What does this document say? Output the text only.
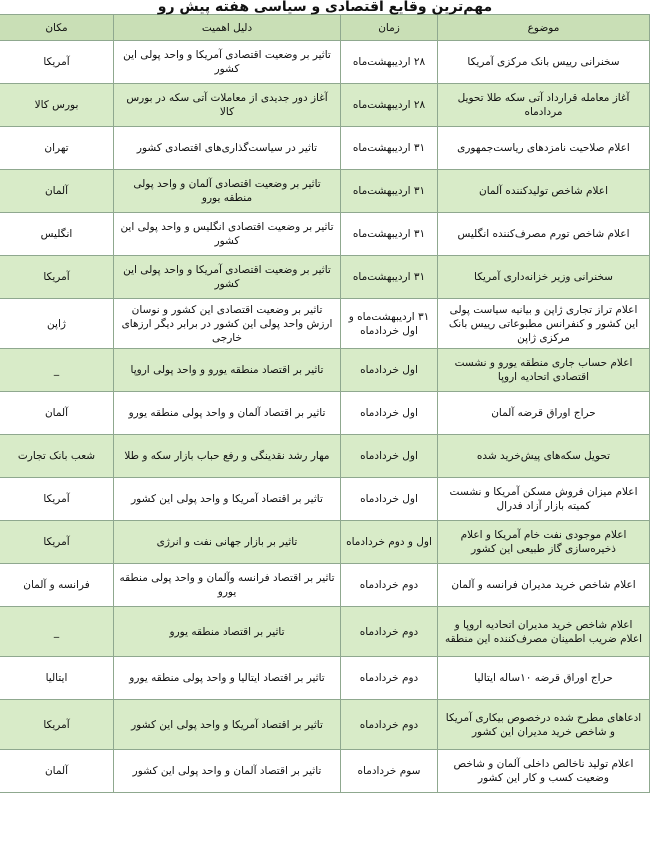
مهم‌ترین وقایع اقتصادی و سیاسی هفته پیش رو
موضوع	زمان	دلیل اهمیت	مکان
سخنرانی رییس بانک مرکزی آمریکا	۲۸ اردیبهشت‌ماه	تاثیر بر وضعیت اقتصادی آمریکا و واحد پولی این کشور	آمریکا
آغاز معامله قرارداد آتی سکه طلا تحویل مردادماه	۲۸ اردیبهشت‌ماه	آغاز دور جدیدی از معاملات آتی سکه در بورس کالا	بورس کالا
اعلام صلاحیت نامزدهای ریاست‌جمهوری	۳۱ اردیبهشت‌ماه	تاثیر در سیاست‌گذاری‌های اقتصادی کشور	تهران
اعلام شاخص تولیدکننده آلمان	۳۱ اردیبهشت‌ماه	تاثیر بر وضعیت اقتصادی آلمان و واحد پولی منطقه یورو	آلمان
اعلام شاخص تورم مصرف‌کننده انگلیس	۳۱ اردیبهشت‌ماه	تاثیر بر وضعیت اقتصادی انگلیس و واحد پولی این کشور	انگلیس
سخنرانی وزیر خزانه‌داری آمریکا	۳۱ اردیبهشت‌ماه	تاثیر بر وضعیت اقتصادی آمریکا و واحد پولی این کشور	آمریکا
اعلام تراز تجاری ژاپن و بیانیه سیاست پولی این کشور و کنفرانس مطبوعاتی رییس بانک مرکزی ژاپن	۳۱ اردیبهشت‌ماه و اول خردادماه	تاثیر بر وضعیت اقتصادی این کشور و نوسان ارزش واحد پولی این کشور در برابر دیگر ارزهای خارجی	ژاپن
اعلام حساب جاری منطقه یورو و نشست اقتصادی اتحادیه اروپا	اول خردادماه	تاثیر بر اقتصاد منطقه یورو و واحد پولی اروپا	_
حراج اوراق قرضه آلمان	اول خردادماه	تاثیر بر اقتصاد آلمان و واحد پولی منطقه یورو	آلمان
تحویل سکه‌های پیش‌خرید شده	اول خردادماه	مهار رشد نقدینگی و رفع حباب بازار سکه و طلا	شعب بانک تجارت
اعلام میزان فروش مسکن آمریکا و نشست کمیته بازار آزاد فدرال	اول خردادماه	تاثیر بر اقتصاد آمریکا و واحد پولی این کشور	آمریکا
اعلام موجودی نفت خام آمریکا و اعلام ذخیره‌سازی گاز طبیعی این کشور	اول و دوم خردادماه	تاثیر بر بازار جهانی نفت و انرژی	آمریکا
اعلام شاخص خرید مدیران فرانسه و آلمان	دوم خردادماه	تاثیر بر اقتصاد فرانسه وآلمان و واحد پولی منطقه یورو	فرانسه و آلمان
اعلام شاخص خرید مدیران اتحادیه اروپا و اعلام ضریب اطمینان مصرف‌کننده این منطقه	دوم خردادماه	تاثیر بر اقتصاد منطقه یورو	_
حراج اوراق قرضه ۱۰ساله ایتالیا	دوم خردادماه	تاثیر بر اقتصاد ایتالیا و واحد پولی منطقه یورو	ایتالیا
ادعاهای مطرح شده درخصوص بیکاری آمریکا و شاخص خرید مدیران این کشور	دوم خردادماه	تاثیر بر اقتصاد آمریکا و واحد پولی این کشور	آمریکا
اعلام تولید ناخالص داخلی آلمان و شاخص وضعیت کسب و کار این کشور	سوم خردادماه	تاثیر بر اقتصاد آلمان و واحد پولی این کشور	آلمان
